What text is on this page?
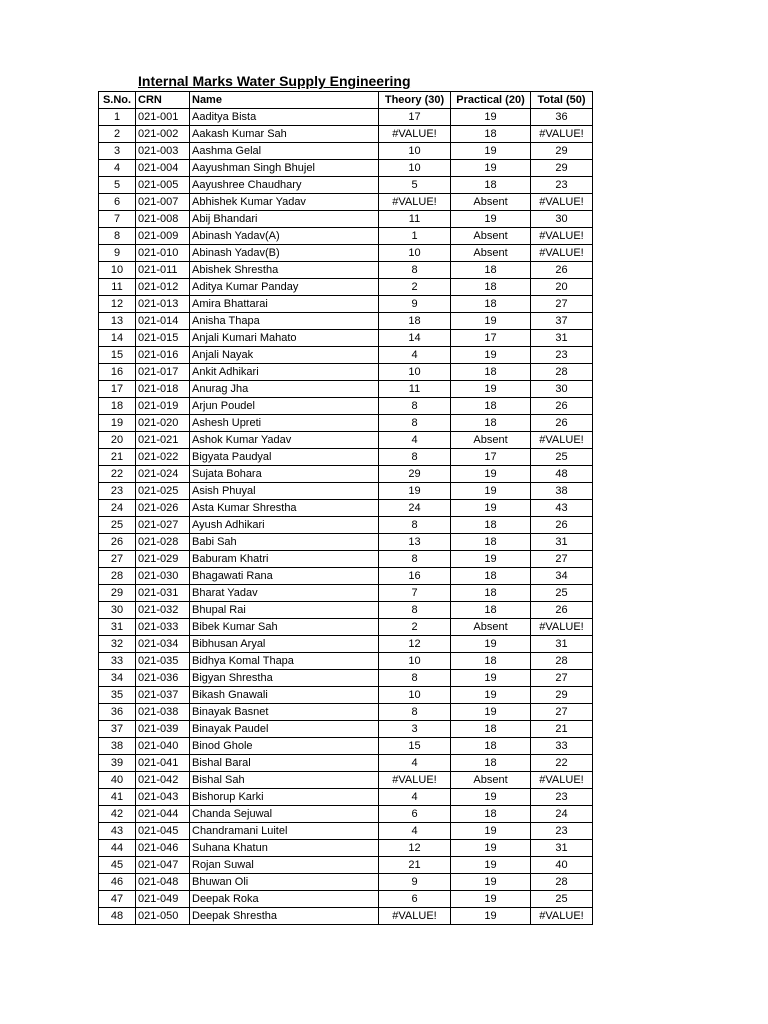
Internal Marks Water Supply Engineering
S.No.	CRN	Name	Theory (30)	Practical (20)	Total (50)
1	021-001	Aaditya Bista	17	19	36
2	021-002	Aakash Kumar Sah	#VALUE!	18	#VALUE!
3	021-003	Aashma Gelal	10	19	29
4	021-004	Aayushman Singh Bhujel	10	19	29
5	021-005	Aayushree Chaudhary	5	18	23
6	021-007	Abhishek Kumar Yadav	#VALUE!	Absent	#VALUE!
7	021-008	Abij Bhandari	11	19	30
8	021-009	Abinash Yadav(A)	1	Absent	#VALUE!
9	021-010	Abinash Yadav(B)	10	Absent	#VALUE!
10	021-011	Abishek Shrestha	8	18	26
11	021-012	Aditya Kumar Panday	2	18	20
12	021-013	Amira Bhattarai	9	18	27
13	021-014	Anisha Thapa	18	19	37
14	021-015	Anjali Kumari Mahato	14	17	31
15	021-016	Anjali Nayak	4	19	23
16	021-017	Ankit Adhikari	10	18	28
17	021-018	Anurag Jha	11	19	30
18	021-019	Arjun Poudel	8	18	26
19	021-020	Ashesh Upreti	8	18	26
20	021-021	Ashok Kumar Yadav	4	Absent	#VALUE!
21	021-022	Bigyata Paudyal	8	17	25
22	021-024	Sujata Bohara	29	19	48
23	021-025	Asish Phuyal	19	19	38
24	021-026	Asta Kumar Shrestha	24	19	43
25	021-027	Ayush Adhikari	8	18	26
26	021-028	Babi Sah	13	18	31
27	021-029	Baburam Khatri	8	19	27
28	021-030	Bhagawati Rana	16	18	34
29	021-031	Bharat Yadav	7	18	25
30	021-032	Bhupal Rai	8	18	26
31	021-033	Bibek Kumar Sah	2	Absent	#VALUE!
32	021-034	Bibhusan Aryal	12	19	31
33	021-035	Bidhya Komal Thapa	10	18	28
34	021-036	Bigyan Shrestha	8	19	27
35	021-037	Bikash Gnawali	10	19	29
36	021-038	Binayak Basnet	8	19	27
37	021-039	Binayak Paudel	3	18	21
38	021-040	Binod Ghole	15	18	33
39	021-041	Bishal Baral	4	18	22
40	021-042	Bishal Sah	#VALUE!	Absent	#VALUE!
41	021-043	Bishorup Karki	4	19	23
42	021-044	Chanda Sejuwal	6	18	24
43	021-045	Chandramani Luitel	4	19	23
44	021-046	Suhana Khatun	12	19	31
45	021-047	Rojan Suwal	21	19	40
46	021-048	Bhuwan Oli	9	19	28
47	021-049	Deepak Roka	6	19	25
48	021-050	Deepak Shrestha	#VALUE!	19	#VALUE!
